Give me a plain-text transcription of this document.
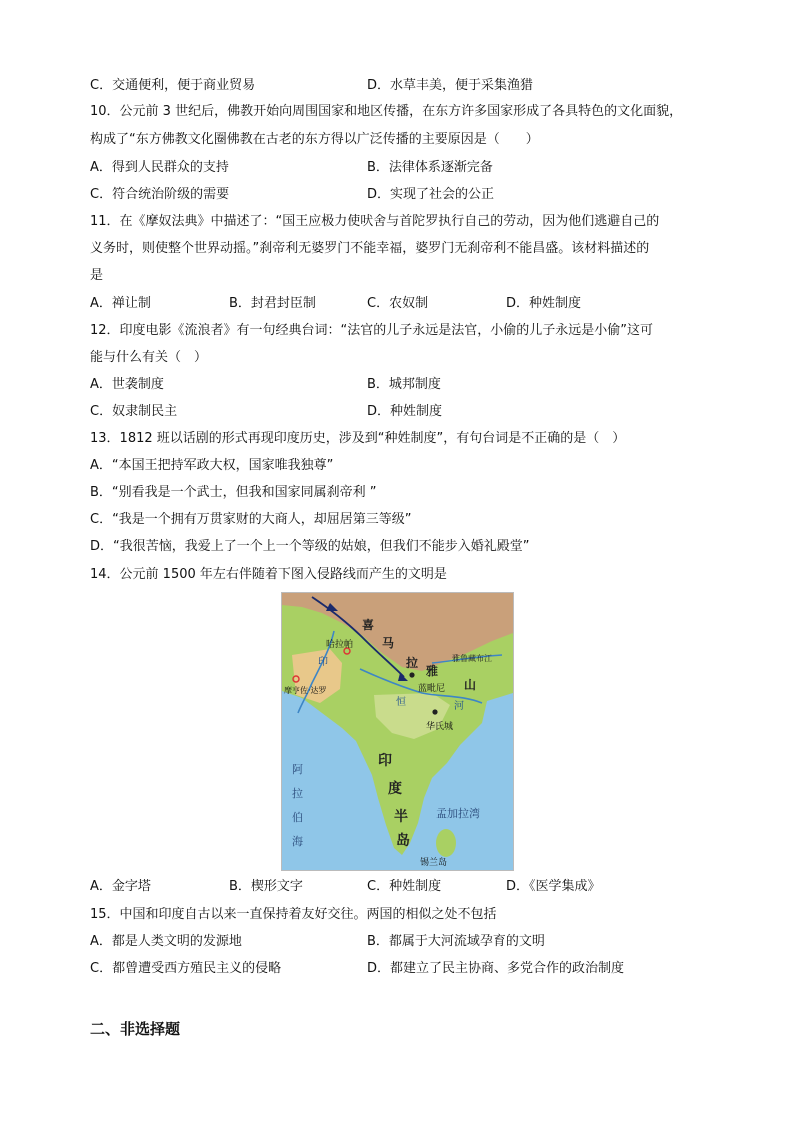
C．交通便利，便于商业贸易	D．水草丰美，便于采集渔猎
10．公元前 3 世纪后，佛教开始向周围国家和地区传播，在东方许多国家形成了各具特色的文化面貌，
构成了“东方佛教文化圈佛教在古老的东方得以广泛传播的主要原因是（　　）
A．得到人民群众的支持	B．法律体系逐渐完备
C．符合统治阶级的需要	D．实现了社会的公正
11．在《摩奴法典》中描述了：“国王应极力使吠舍与首陀罗执行自己的劳动，因为他们逃避自己的
义务时，则使整个世界动摇。”刹帝利无婆罗门不能幸福，婆罗门无刹帝利不能昌盛。该材料描述的
是
A．禅让制	B．封君封臣制	C．农奴制	D．种姓制度
12．印度电影《流浪者》有一句经典台词：“法官的儿子永远是法官，小偷的儿子永远是小偷”这可
能与什么有关（　）
A．世袭制度	B．城邦制度
C．奴隶制民主	D．种姓制度
13．1812 班以话剧的形式再现印度历史，涉及到“种姓制度”，有句台词是不正确的是（　）
A．“本国王把持军政大权，国家唯我独尊”
B．“别看我是一个武士，但我和国家同属刹帝利 ”
C．“我是一个拥有万贯家财的大商人，却屈居第三等级”
D．“我很苦恼，我爱上了一个上一个等级的姑娘，但我们不能步入婚礼殿堂”
14．公元前 1500 年左右伴随着下图入侵路线而产生的文明是
喜
马
拉
雅
山
哈拉帕
印
摩亨佐·达罗
雅鲁藏布江
蓝毗尼
恒	河
华氏城
印
度
半
岛
阿
拉
伯
海
孟加拉湾
锡兰岛
A．金字塔	B．楔形文字	C．种姓制度	D．《医学集成》
15．中国和印度自古以来一直保持着友好交往。两国的相似之处不包括
A．都是人类文明的发源地	B．都属于大河流域孕育的文明
C．都曾遭受西方殖民主义的侵略	D．都建立了民主协商、多党合作的政治制度
二、非选择题
